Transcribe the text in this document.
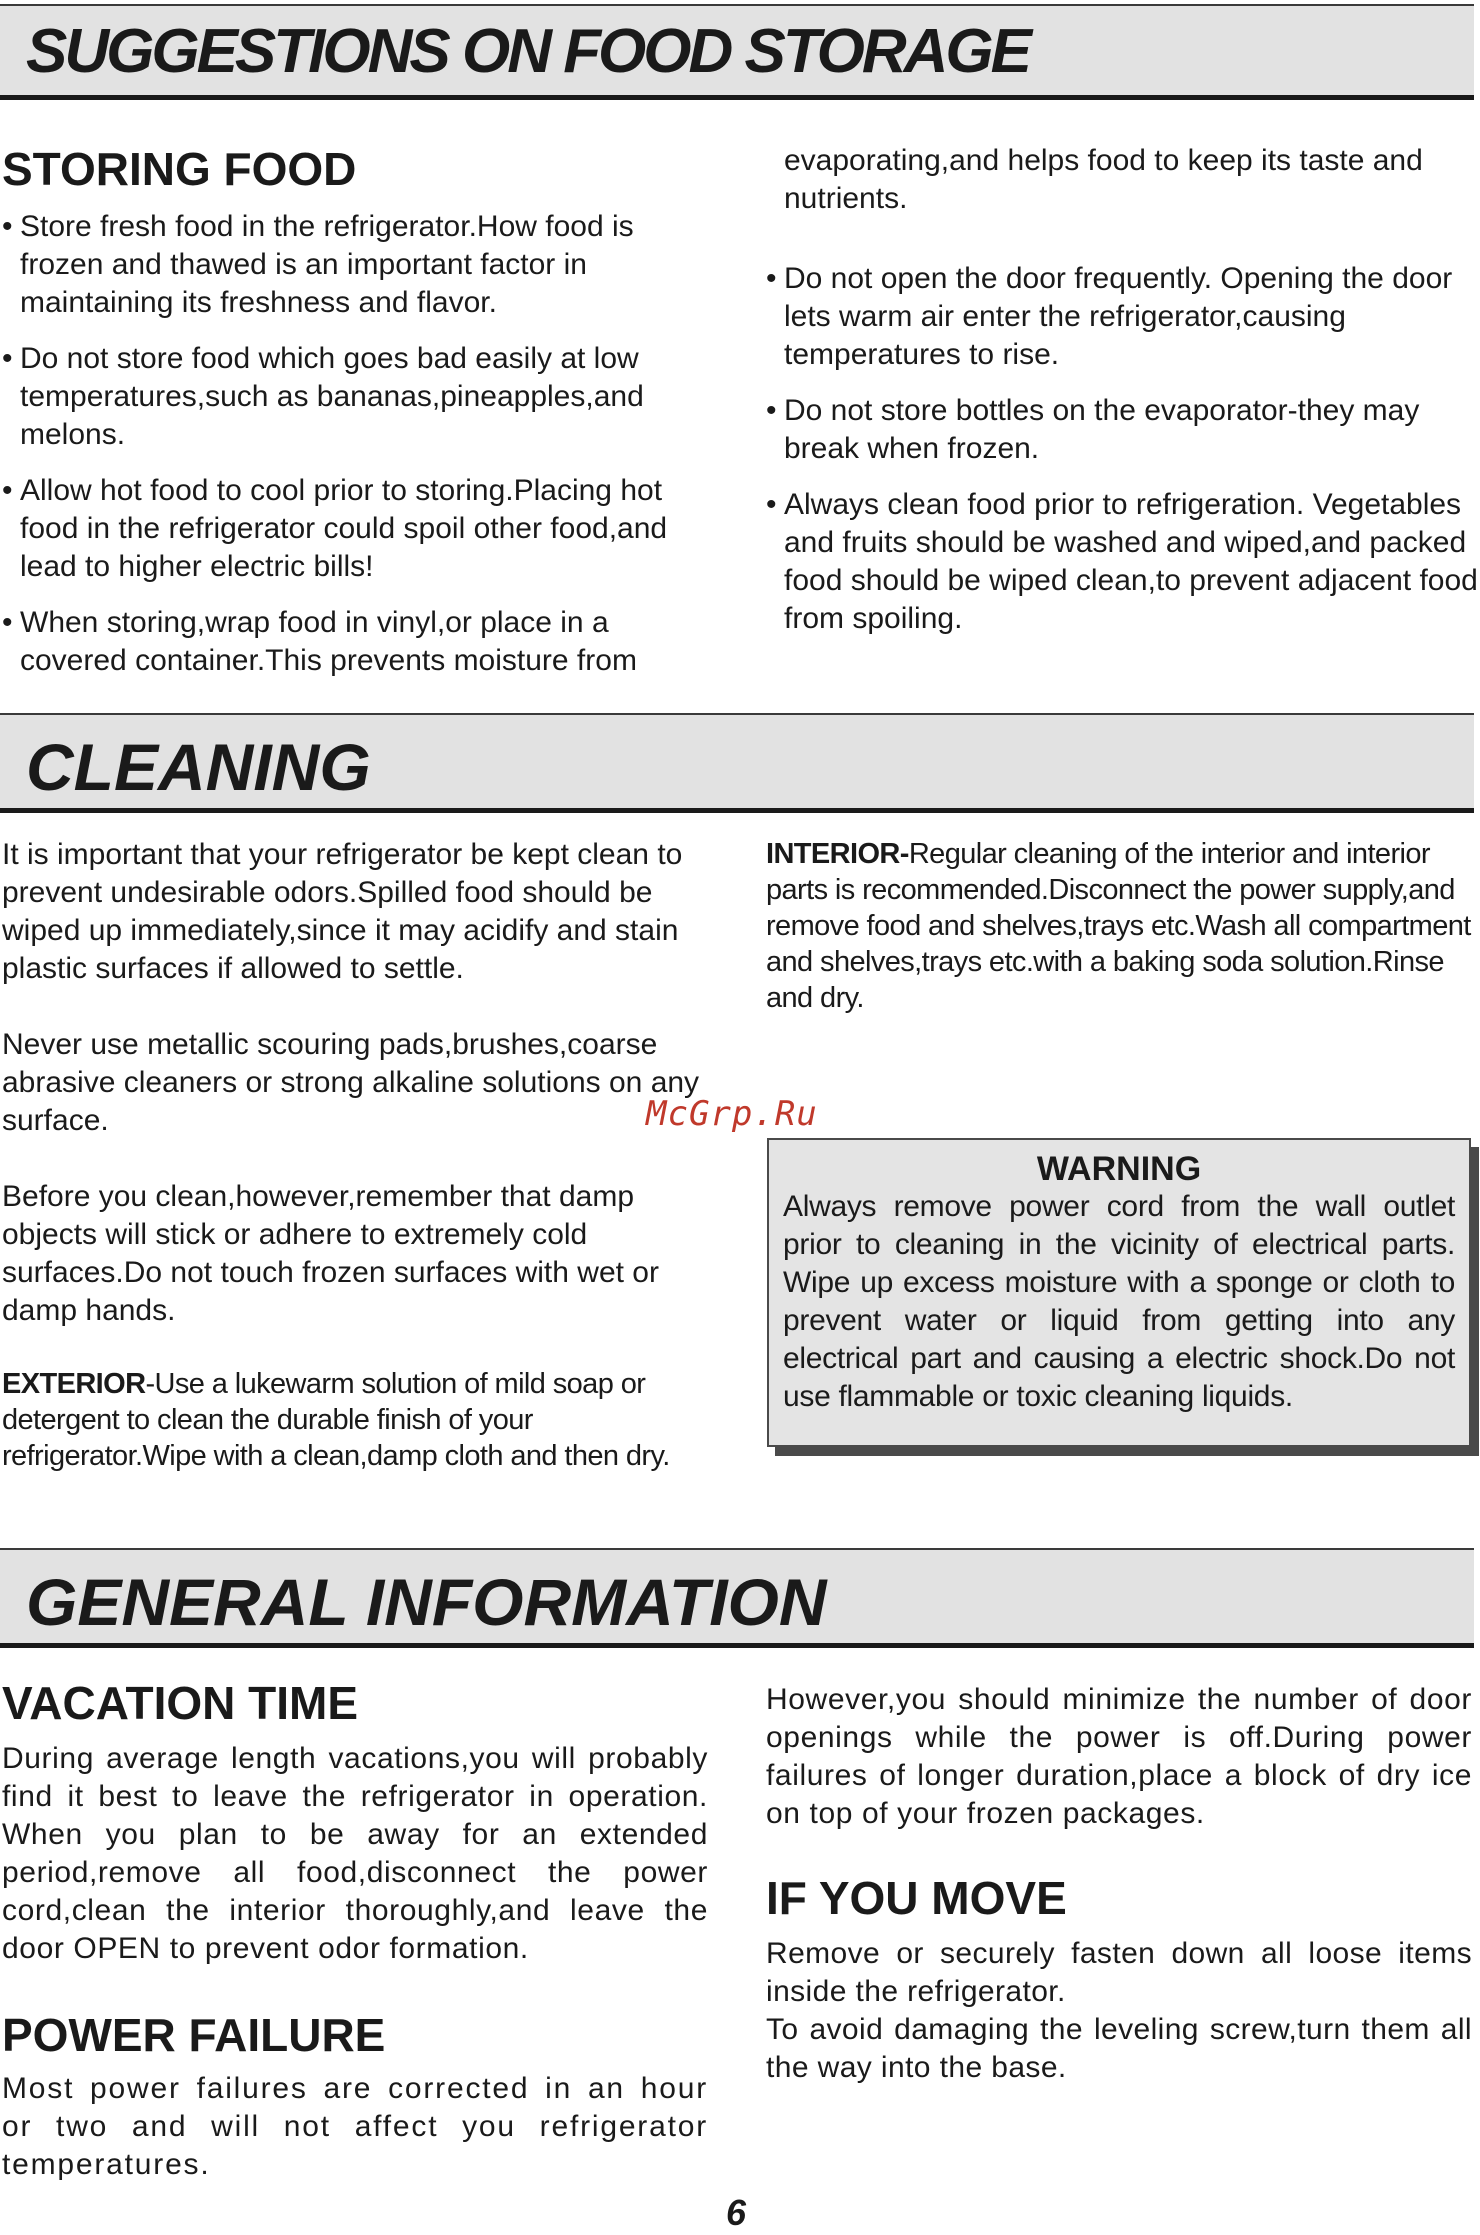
SUGGESTIONS ON FOOD STORAGE
STORING FOOD

• Store fresh food in the refrigerator.How food is frozen and thawed is an important factor in maintaining its freshness and flavor.

• Do not store food which goes bad easily at low temperatures,such as bananas,pineapples,and melons.

• Allow hot food to cool prior to storing.Placing hot food in the refrigerator could spoil other food,and lead to higher electric bills!

• When storing,wrap food in vinyl,or place in a covered container.This prevents moisture from

evaporating,and helps food to keep its taste and nutrients.

• Do not open the door frequently. Opening the door lets warm air enter the refrigerator,causing temperatures to rise.

• Do not store bottles on the evaporator-they may break when frozen.

• Always clean food prior to refrigeration. Vegetables and fruits should be washed and wiped,and packed food should be wiped clean,to prevent adjacent food from spoiling.

CLEANING

It is important that your refrigerator be kept clean to prevent undesirable odors.Spilled food should be wiped up immediately,since it may acidify and stain plastic surfaces if allowed to settle.

Never use metallic scouring pads,brushes,coarse abrasive cleaners or strong alkaline solutions on any surface.

Before you clean,however,remember that damp objects will stick or adhere to extremely cold surfaces.Do not touch frozen surfaces with wet or damp hands.

EXTERIOR-Use a lukewarm solution of mild soap or detergent to clean the durable finish of your refrigerator.Wipe with a clean,damp cloth and then dry.

INTERIOR-Regular cleaning of the interior and interior parts is recommended.Disconnect the power supply,and remove food and shelves,trays etc.Wash all compartment and shelves,trays etc.with a baking soda solution.Rinse and dry.

McGrp.Ru

WARNING

Always remove power cord from the wall outlet prior to cleaning in the vicinity of electrical parts. Wipe up excess moisture with a sponge or cloth to prevent water or liquid from getting into any electrical part and causing a electric shock.Do not use flammable or toxic cleaning liquids.

GENERAL INFORMATION
VACATION TIME

During average length vacations,you will probably find it best to leave the refrigerator in operation. When you plan to be away for an extended period,remove all food,disconnect the power cord,clean the interior thoroughly,and leave the door OPEN to prevent odor formation.

POWER FAILURE

Most power failures are corrected in an hour or two and will not affect you refrigerator temperatures.

However,you should minimize the number of door openings while the power is off.During power failures of longer duration,place a block of dry ice on top of your frozen packages.

IF YOU MOVE

Remove or securely fasten down all loose items inside the refrigerator.

To avoid damaging the leveling screw,turn them all the way into the base.

6
